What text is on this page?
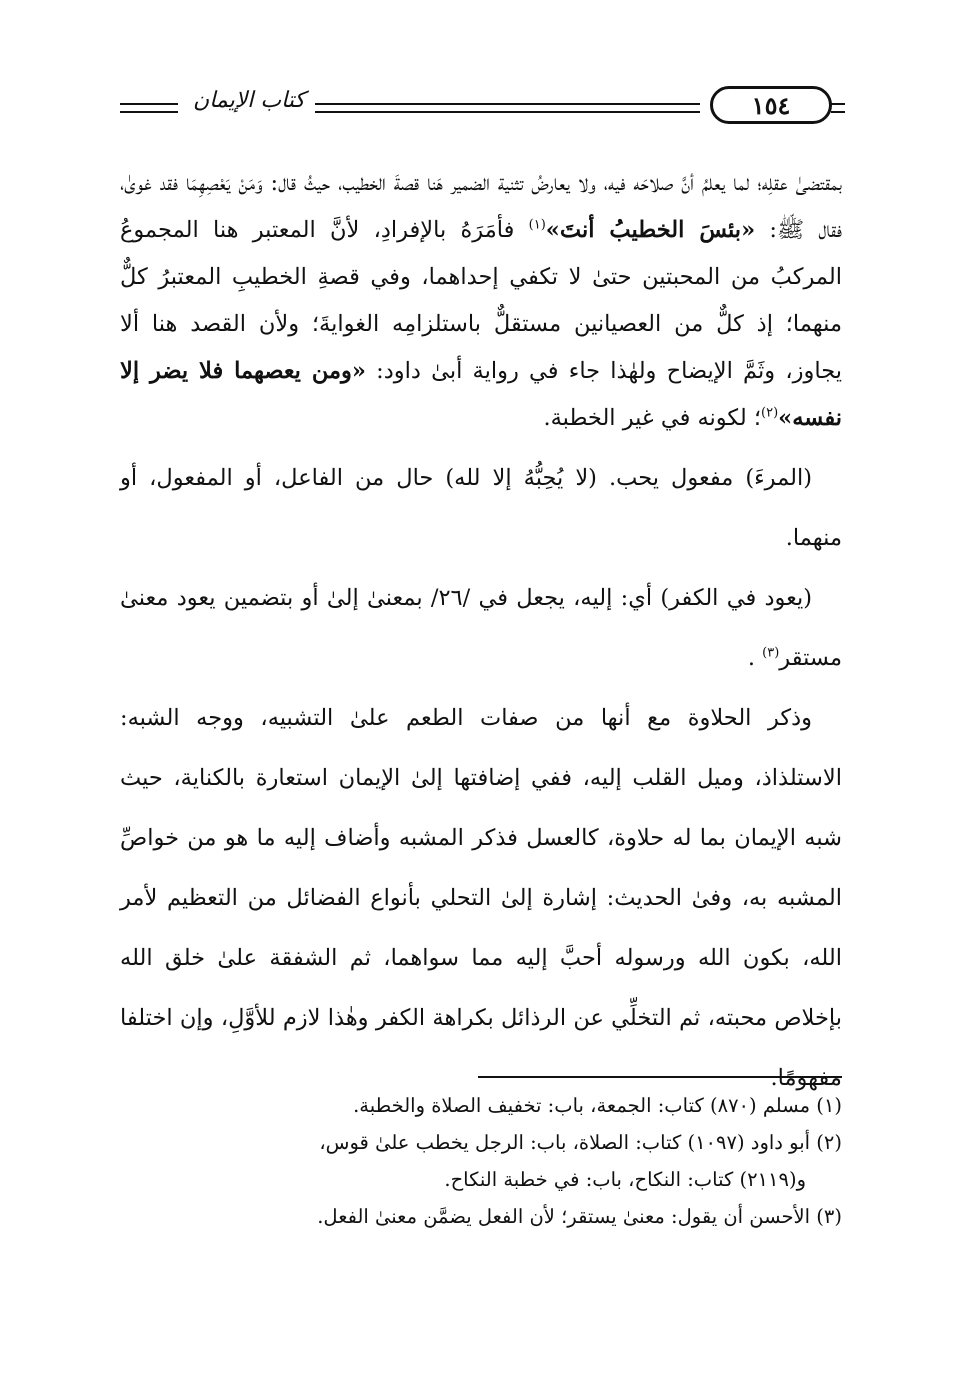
كتاب الإيمان	١٥٤

بمقتضىٰ عقلِه؛ لما يعلمُ أنَّ صلاحَه فيه، ولا يعارضُ تثنية الضمير هَنا قصةَ الخطيب، حيثُ قال: وَمَنْ يَعْصِهِمَا فقد غوىٰ، فقال ﷺ: «بئسَ الخطيبُ أنتَ»$^{(١)}$ فأمَرَهُ بالإفرادِ، لأنَّ المعتبر هنا المجموعُ المركبُ من المحبتين حتىٰ لا تكفي إحداهما، وفي قصةِ الخطيبِ المعتبرُ كلٌّ منهما؛ إذ كلٌّ من العصيانين مستقلٌّ باستلزامِه الغوايةَ؛ ولأن القصد هنا ألا يجاوز، وثَمَّ الإيضاح ولهٰذا جاء في رواية أبىٰ داود: «ومن يعصهما فلا يضر إلا نفسه»$^{(٢)}$؛ لكونه في غير الخطبة.

(المرءَ) مفعول يحب. (لا يُحِبُّهُ إلا لله) حال من الفاعل، أو المفعول، أو منهما.

(يعود في الكفر) أي: إليه، يجعل في /٢٦/ بمعنىٰ إلىٰ أو بتضمين يعود معنىٰ مستقر$^{(٣)}$ .

وذكر الحلاوة مع أنها من صفات الطعم علىٰ التشبيه، ووجه الشبه: الاستلذاذ، وميل القلب إليه، ففي إضافتها إلىٰ الإيمان استعارة بالكناية، حيث شبه الإيمان بما له حلاوة، كالعسل فذكر المشبه وأضاف إليه ما هو من خواصِّ المشبه به، وفىٰ الحديث: إشارة إلىٰ التحلي بأنواع الفضائل من التعظيم لأمر الله، بكون الله ورسوله أحبَّ إليه مما سواهما، ثم الشفقة علىٰ خلق الله بإخلاص محبته، ثم التخلِّي عن الرذائل بكراهة الكفر وهٰذا لازم للأوَّلِ، وإن اختلفا مفهومًا.

(١) مسلم (٨٧٠) كتاب: الجمعة، باب: تخفيف الصلاة والخطبة.

(٢) أبو داود (١٠٩٧) كتاب: الصلاة، باب: الرجل يخطب علىٰ قوس،

و(٢١١٩) كتاب: النكاح، باب: في خطبة النكاح.

(٣) الأحسن أن يقول: معنىٰ يستقر؛ لأن الفعل يضمَّن معنىٰ الفعل.
